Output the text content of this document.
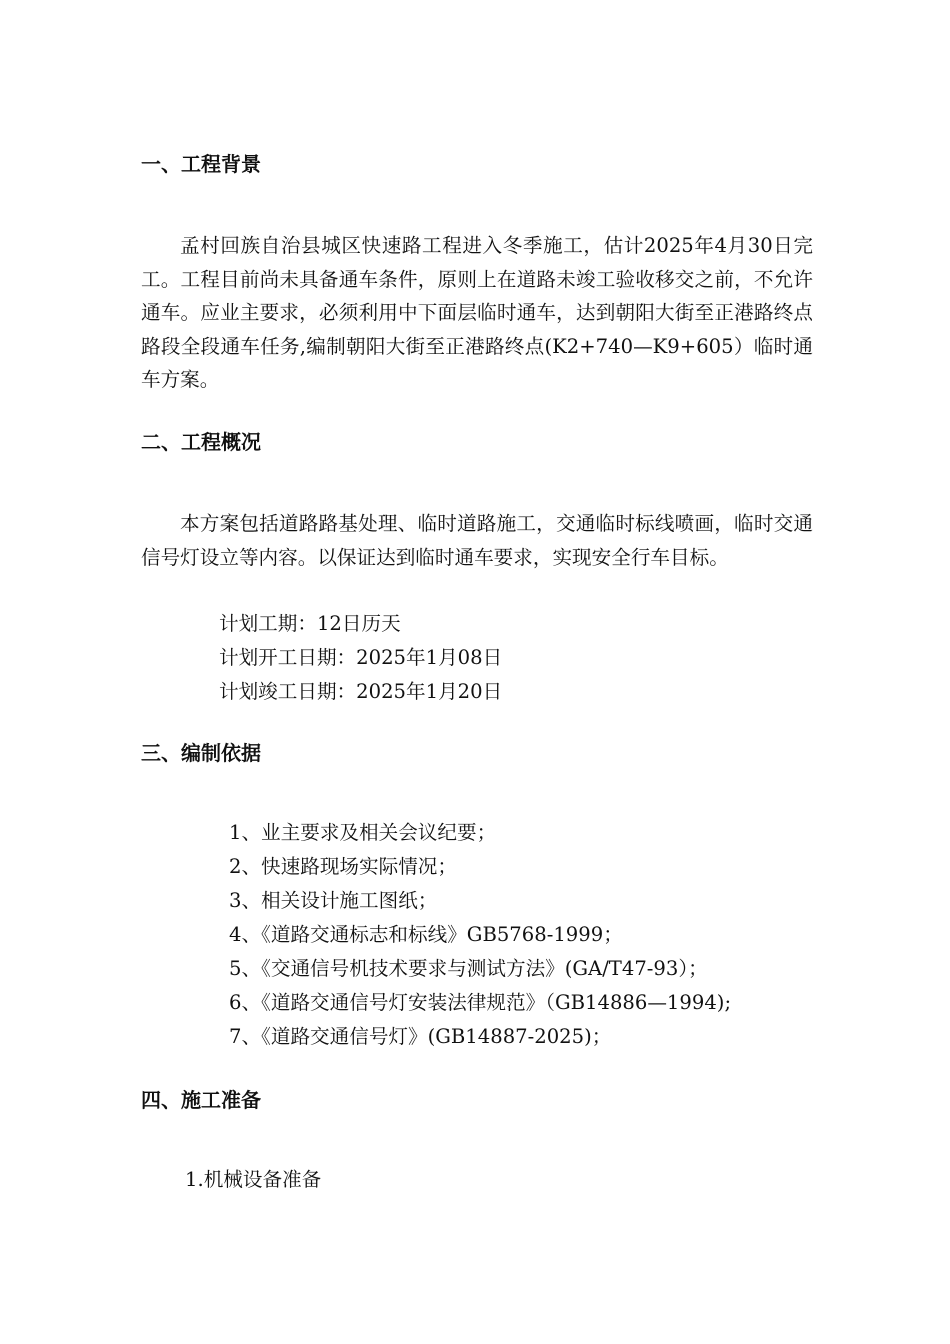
一、工程背景
孟村回族自治县城区快速路工程进入冬季施工，估计2025年4月30日完工。工程目前尚未具备通车条件，原则上在道路未竣工验收移交之前，不允许通车。应业主要求，必须利用中下面层临时通车，达到朝阳大街至正港路终点路段全段通车任务,编制朝阳大街至正港路终点(K2+740—K9+605）临时通车方案。
二、工程概况
本方案包括道路路基处理、临时道路施工，交通临时标线喷画，临时交通信号灯设立等内容。以保证达到临时通车要求，实现安全行车目标。
计划工期：12日历天
计划开工日期：2025年1月08日
计划竣工日期：2025年1月20日
三、编制依据
1、业主要求及相关会议纪要；
2、快速路现场实际情况；
3、相关设计施工图纸；
4、《道路交通标志和标线》GB5768-1999；
5、《交通信号机技术要求与测试方法》(GA/T47-93）；
6、《道路交通信号灯安装法律规范》（GB14886—1994);
7、《道路交通信号灯》(GB14887-2025)；
四、施工准备
1.机械设备准备
